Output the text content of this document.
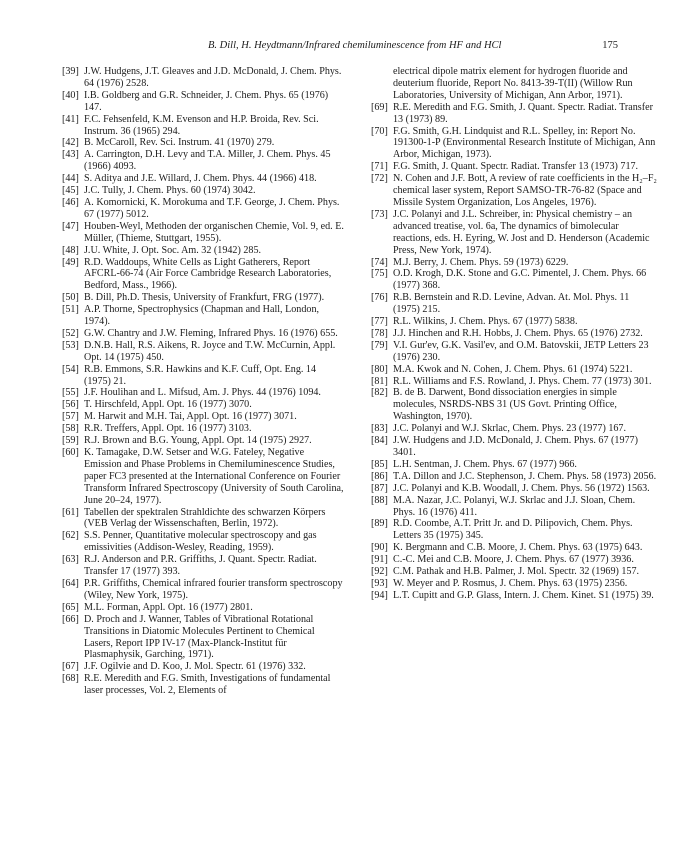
B. Dill, H. Heydtmann/Infrared chemiluminescence from HF and HCl	175

[39] J.W. Hudgens, J.T. Gleaves and J.D. McDonald, J. Chem. Phys. 64 (1976) 2528.

[40] I.B. Goldberg and G.R. Schneider, J. Chem. Phys. 65 (1976) 147.

[41] F.C. Fehsenfeld, K.M. Evenson and H.P. Broida, Rev. Sci. Instrum. 36 (1965) 294.

[42] B. McCaroll, Rev. Sci. Instrum. 41 (1970) 279.

[43] A. Carrington, D.H. Levy and T.A. Miller, J. Chem. Phys. 45 (1966) 4093.

[44] S. Aditya and J.E. Willard, J. Chem. Phys. 44 (1966) 418.

[45] J.C. Tully, J. Chem. Phys. 60 (1974) 3042.

[46] A. Komornicki, K. Morokuma and T.F. George, J. Chem. Phys. 67 (1977) 5012.

[47] Houben-Weyl, Methoden der organischen Chemie, Vol. 9, ed. E. Müller, (Thieme, Stuttgart, 1955).

[48] J.U. White, J. Opt. Soc. Am. 32 (1942) 285.

[49] R.D. Waddoups, White Cells as Light Gatherers, Report AFCRL-66-74 (Air Force Cambridge Research Laboratories, Bedford, Mass., 1966).

[50] B. Dill, Ph.D. Thesis, University of Frankfurt, FRG (1977).

[51] A.P. Thorne, Spectrophysics (Chapman and Hall, London, 1974).

[52] G.W. Chantry and J.W. Fleming, Infrared Phys. 16 (1976) 655.

[53] D.N.B. Hall, R.S. Aikens, R. Joyce and T.W. McCurnin, Appl. Opt. 14 (1975) 450.

[54] R.B. Emmons, S.R. Hawkins and K.F. Cuff, Opt. Eng. 14 (1975) 21.

[55] J.F. Houlihan and L. Mifsud, Am. J. Phys. 44 (1976) 1094.

[56] T. Hirschfeld, Appl. Opt. 16 (1977) 3070.

[57] M. Harwit and M.H. Tai, Appl. Opt. 16 (1977) 3071.

[58] R.R. Treffers, Appl. Opt. 16 (1977) 3103.

[59] R.J. Brown and B.G. Young, Appl. Opt. 14 (1975) 2927.

[60] K. Tamagake, D.W. Setser and W.G. Fateley, Negative Emission and Phase Problems in Chemiluminescence Studies, paper FC3 presented at the International Conference on Fourier Transform Infrared Spectroscopy (University of South Carolina, June 20–24, 1977).

[61] Tabellen der spektralen Strahldichte des schwarzen Körpers (VEB Verlag der Wissenschaften, Berlin, 1972).

[62] S.S. Penner, Quantitative molecular spectroscopy and gas emissivities (Addison-Wesley, Reading, 1959).

[63] R.J. Anderson and P.R. Griffiths, J. Quant. Spectr. Radiat. Transfer 17 (1977) 393.

[64] P.R. Griffiths, Chemical infrared fourier transform spectroscopy (Wiley, New York, 1975).

[65] M.L. Forman, Appl. Opt. 16 (1977) 2801.

[66] D. Proch and J. Wanner, Tables of Vibrational Rotational Transitions in Diatomic Molecules Pertinent to Chemical Lasers, Report IPP IV-17 (Max-Planck-Institut für Plasmaphysik, Garching, 1971).

[67] J.F. Ogilvie and D. Koo, J. Mol. Spectr. 61 (1976) 332.

[68] R.E. Meredith and F.G. Smith, Investigations of fundamental laser processes, Vol. 2, Elements of

electrical dipole matrix element for hydrogen fluoride and deuterium fluoride, Report No. 8413-39-T(II) (Willow Run Laboratories, University of Michigan, Ann Arbor, 1971).

[69] R.E. Meredith and F.G. Smith, J. Quant. Spectr. Radiat. Transfer 13 (1973) 89.

[70] F.G. Smith, G.H. Lindquist and R.L. Spelley, in: Report No. 191300-1-P (Environmental Research Institute of Michigan, Ann Arbor, Michigan, 1973).

[71] F.G. Smith, J. Quant. Spectr. Radiat. Transfer 13 (1973) 717.

[72] N. Cohen and J.F. Bott, A review of rate coefficients in the H₂–F₂ chemical laser system, Report SAMSO-TR-76-82 (Space and Missile System Organization, Los Angeles, 1976).

[73] J.C. Polanyi and J.L. Schreiber, in: Physical chemistry – an advanced treatise, vol. 6a, The dynamics of bimolecular reactions, eds. H. Eyring, W. Jost and D. Henderson (Academic Press, New York, 1974).

[74] M.J. Berry, J. Chem. Phys. 59 (1973) 6229.

[75] O.D. Krogh, D.K. Stone and G.C. Pimentel, J. Chem. Phys. 66 (1977) 368.

[76] R.B. Bernstein and R.D. Levine, Advan. At. Mol. Phys. 11 (1975) 215.

[77] R.L. Wilkins, J. Chem. Phys. 67 (1977) 5838.

[78] J.J. Hinchen and R.H. Hobbs, J. Chem. Phys. 65 (1976) 2732.

[79] V.I. Gur'ev, G.K. Vasil'ev, and O.M. Batovskii, JETP Letters 23 (1976) 230.

[80] M.A. Kwok and N. Cohen, J. Chem. Phys. 61 (1974) 5221.

[81] R.L. Williams and F.S. Rowland, J. Phys. Chem. 77 (1973) 301.

[82] B. de B. Darwent, Bond dissociation energies in simple molecules, NSRDS-NBS 31 (US Govt. Printing Office, Washington, 1970).

[83] J.C. Polanyi and W.J. Skrlac, Chem. Phys. 23 (1977) 167.

[84] J.W. Hudgens and J.D. McDonald, J. Chem. Phys. 67 (1977) 3401.

[85] L.H. Sentman, J. Chem. Phys. 67 (1977) 966.

[86] T.A. Dillon and J.C. Stephenson, J. Chem. Phys. 58 (1973) 2056.

[87] J.C. Polanyi and K.B. Woodall, J. Chem. Phys. 56 (1972) 1563.

[88] M.A. Nazar, J.C. Polanyi, W.J. Skrlac and J.J. Sloan, Chem. Phys. 16 (1976) 411.

[89] R.D. Coombe, A.T. Pritt Jr. and D. Pilipovich, Chem. Phys. Letters 35 (1975) 345.

[90] K. Bergmann and C.B. Moore, J. Chem. Phys. 63 (1975) 643.

[91] C.-C. Mei and C.B. Moore, J. Chem. Phys. 67 (1977) 3936.

[92] C.M. Pathak and H.B. Palmer, J. Mol. Spectr. 32 (1969) 157.

[93] W. Meyer and P. Rosmus, J. Chem. Phys. 63 (1975) 2356.

[94] L.T. Cupitt and G.P. Glass, Intern. J. Chem. Kinet. S1 (1975) 39.
